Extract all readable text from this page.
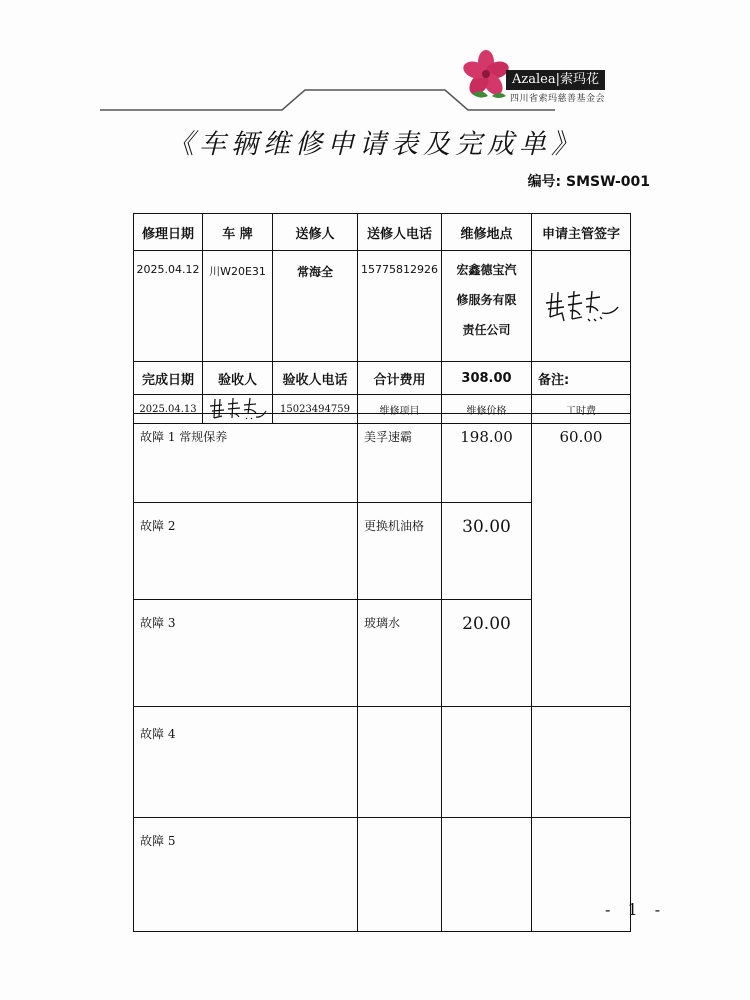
Azalea|索玛花
四川省索玛慈善基金会
《车辆维修申请表及完成单》
编号: SMSW-001
修理日期	车 牌	送修人	送修人电话	维修地点	申请主管签字
2025.04.12	川W20E31	常海全	15775812926	宏鑫德宝汽
修服务有限
责任公司

完成日期	验收人	验收人电话	合计费用	308.00	备注:
2025.04.13		15023494759	维修项目	维修价格	工时费
故障 1 常规保养	美孚速霸	198.00	60.00
故障 2	更换机油格	30.00	
故障 3	玻璃水	20.00	
故障 4			
故障 5			
- 1 -
